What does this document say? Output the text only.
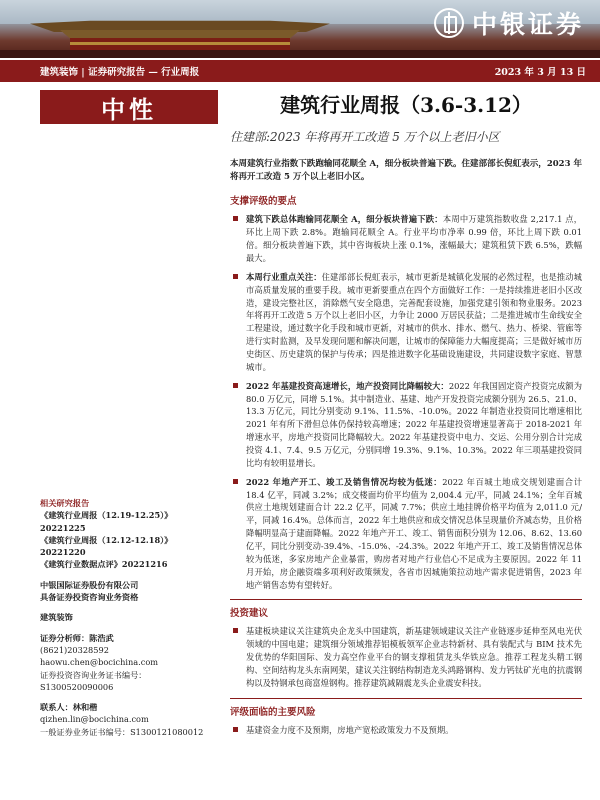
中银证券
建筑装饰 | 证券研究报告 — 行业周报	2023 年 3 月 13 日
中性	建筑行业周报（3.6-3.12）
住建部:2023 年将再开工改造 5 万个以上老旧小区
本周建筑行业指数下跌跑输同花顺全 A，细分板块普遍下跌。住建部部长倪虹表示，2023 年将再开工改造 5 万个以上老旧小区。
支撑评级的要点
建筑下跌总体跑输同花顺全 A，细分板块普遍下跌：本周中万建筑指数收盘 2,217.1 点，环比上周下跌 2.8%。跑输同花顺全 A。行业平均市净率 0.99 倍，环比上周下跌 0.01 倍。细分板块普遍下跌，其中咨询板块上涨 0.1%，涨幅最大；建筑租赁下跌 6.5%，跌幅最大。
本周行业重点关注：住建部部长倪虹表示，城市更新是城镇化发展的必然过程，也是推动城市高质量发展的重要手段。城市更新要重点在四个方面做好工作：一是持续推进老旧小区改造，建设完整社区，消除燃气安全隐患，完善配套设施，加强党建引领和物业服务。2023 年将再开工改造 5 万个以上老旧小区，力争让 2000 万居民获益；二是推进城市生命线安全工程建设，通过数字化手段和城市更新，对城市的供水、排水、燃气、热力、桥梁、管廊等进行实时监测，及早发现问题和解决问题，让城市的保障能力大幅度提高；三是做好城市历史街区、历史建筑的保护与传承；四是推进数字化基础设施建设，共同建设数字家庭、智慧城市。
2022 年基建投资高速增长，地产投资同比降幅较大：2022 年我国固定资产投资完成额为 80.0 万亿元，同增 5.1%。其中制造业、基建、地产开发投资完成额分别为 26.5、21.0、13.3 万亿元，同比分别变动 9.1%、11.5%、-10.0%。2022 年制造业投资同比增速相比 2021 年有所下滑但总体仍保持较高增速；2022 年基建投资增速显著高于 2018-2021 年增速水平，房地产投资同比降幅较大。2022 年基建投资中电力、交运、公用分别合计完成投资 4.1、7.4、9.5 万亿元，分别同增 19.3%、9.1%、10.3%。2022 年三项基建投资同比均有较明显增长。
2022 年地产开工、竣工及销售情况均较为低迷：2022 年百城土地成交规划建面合计 18.4 亿平，同减 3.2%；成交楼面均价平均值为 2,004.4 元/平，同减 24.1%；全年百城供应土地规划建面合计 22.2 亿平，同减 7.7%；供应土地挂牌价格平均值为 2,011.0 元/平，同减 16.4%。总体而言，2022 年土地供应和成交情况总体呈现量价齐减态势，且价格降幅明显高于建面降幅。2022 年地产开工、竣工、销售面积分别为 12.06、8.62、13.60 亿平，同比分别变动-39.4%、-15.0%、-24.3%。2022 年地产开工、竣工及销售情况总体较为低迷，多家房地产企业暴雷，购房者对地产行业信心不足成为主要原因。2022 年 11 月开始，房企融资端多项利好政策频发，各省市因城施策拉动地产需求促进销售，2023 年地产销售态势有望转好。
投资建议
基建板块建议关注建筑央企龙头中国建筑，新基建领域建议关注产业链逐步延伸至风电光伏领域的中国电建；建筑细分领域推荐铝模板领军企业志特新材、具有装配式与 BIM 技术先发优势的华阳国际、发力高空作业平台的钢支撑租赁龙头华铁应急。推荐工程龙头精工钢构、空间结构龙头东南网架，建议关注钢结构制造龙头鸿路钢构、发力钙钛矿光电的抗震钢构以及特钢承包商富煌钢构。推荐建筑减隔震龙头企业震安科技。
评级面临的主要风险
基建资金力度不及预期，房地产宽松政策发力不及预期。
相关研究报告
《建筑行业周报（12.19-12.25）》20221225
《建筑行业周报（12.12-12.18）》20221220
《建筑行业数据点评》20221216
中银国际证券股份有限公司
具备证券投资咨询业务资格
建筑装饰
证券分析师：陈浩武
(8621)20328592
haowu.chen@bocichina.com
证券投资咨询业务证书编号：S1300520090006
联系人：林和楷
qizhen.lin@bocichina.com
一般证券业务证书编号：S1300121080012
